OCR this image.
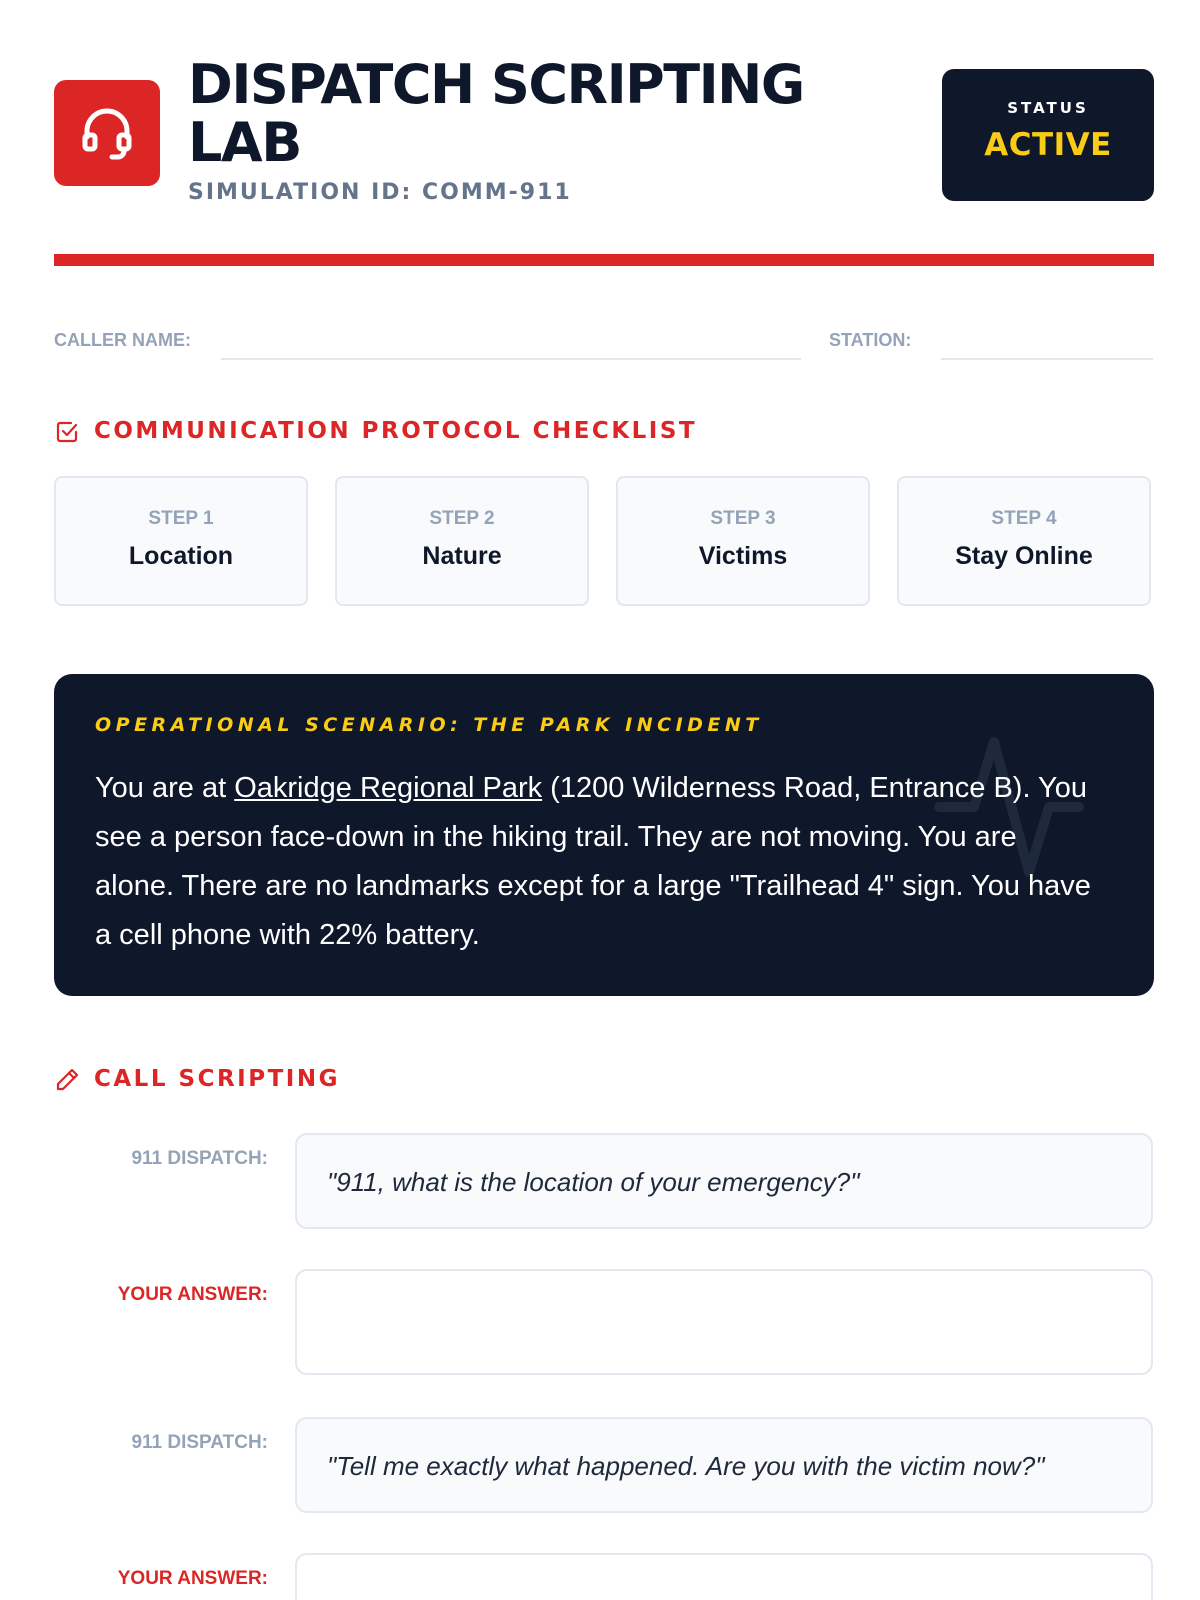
DISPATCH SCRIPTING LAB
SIMULATION ID: COMM-911
STATUS
ACTIVE
CALLER NAME:	STATION:
COMMUNICATION PROTOCOL CHECKLIST
STEP 1
Location
STEP 2
Nature
STEP 3
Victims
STEP 4
Stay Online
OPERATIONAL SCENARIO: THE PARK INCIDENT

You are at Oakridge Regional Park (1200 Wilderness Road, Entrance B). You see a person face-down in the hiking trail. They are not moving. You are alone. There are no landmarks except for a large "Trailhead 4" sign. You have a cell phone with 22% battery.

CALL SCRIPTING
911 DISPATCH:
"911, what is the location of your emergency?"
YOUR ANSWER:
911 DISPATCH:
"Tell me exactly what happened. Are you with the victim now?"
YOUR ANSWER:
